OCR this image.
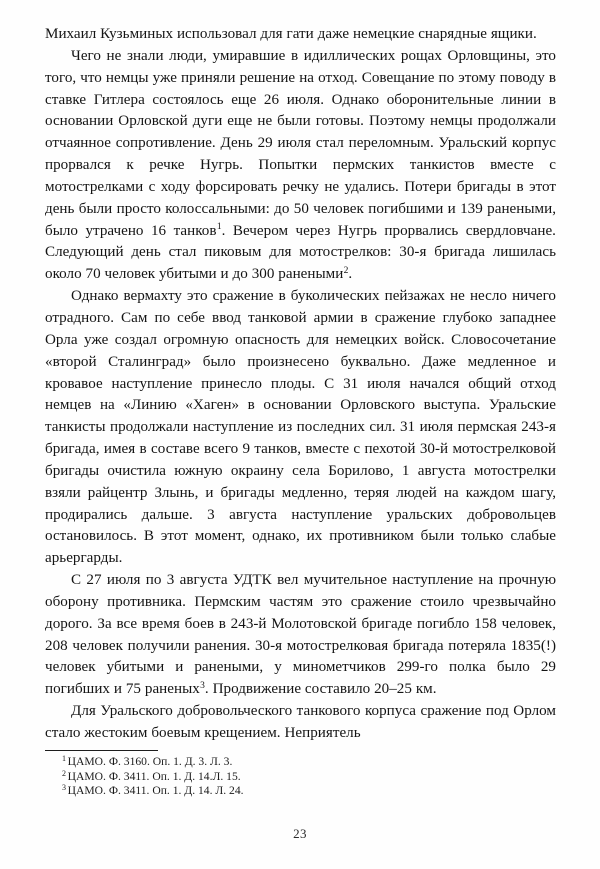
Михаил Кузьминых использовал для гати даже немецкие снарядные ящики.

Чего не знали люди, умиравшие в идиллических рощах Орловщины, это того, что немцы уже приняли решение на отход. Совещание по этому поводу в ставке Гитлера состоялось еще 26 июля. Однако оборонительные линии в основании Орловской дуги еще не были готовы. Поэтому немцы продолжали отчаянное сопротивление. День 29 июля стал переломным. Уральский корпус прорвался к речке Нугрь. Попытки пермских танкистов вместе с мотострелками с ходу форсировать речку не удались. Потери бригады в этот день были просто колоссальными: до 50 человек погибшими и 139 ранеными, было утрачено 16 танков$^1$. Вечером через Нугрь прорвались свердловчане. Следующий день стал пиковым для мотострелков: 30-я бригада лишилась около 70 человек убитыми и до 300 ранеными$^2$.

Однако вермахту это сражение в буколических пейзажах не несло ничего отрадного. Сам по себе ввод танковой армии в сражение глубоко западнее Орла уже создал огромную опасность для немецких войск. Словосочетание «второй Сталинград» было произнесено буквально. Даже медленное и кровавое наступление принесло плоды. С 31 июля начался общий отход немцев на «Линию «Хаген» в основании Орловского выступа. Уральские танкисты продолжали наступление из последних сил. 31 июля пермская 243-я бригада, имея в составе всего 9 танков, вместе с пехотой 30-й мотострелковой бригады очистила южную окраину села Борилово, 1 августа мотострелки взяли райцентр Злынь, и бригады медленно, теряя людей на каждом шагу, продирались дальше. 3 августа наступление уральских добровольцев остановилось. В этот момент, однако, их противником были только слабые арьергарды.

С 27 июля по 3 августа УДТК вел мучительное наступление на прочную оборону противника. Пермским частям это сражение стоило чрезвычайно дорого. За все время боев в 243-й Молотовской бригаде погибло 158 человек, 208 человек получили ранения. 30-я мотострелковая бригада потеряла 1835(!) человек убитыми и ранеными, у минометчиков 299-го полка было 29 погибших и 75 раненых$^3$. Продвижение составило 20–25 км.

Для Уральского добровольческого танкового корпуса сражение под Орлом стало жестоким боевым крещением. Неприятель

$^1$ ЦАМО. Ф. 3160. Оп. 1. Д. 3. Л. 3.
$^2$ ЦАМО. Ф. 3411. Оп. 1. Д. 14.Л. 15.
$^3$ ЦАМО. Ф. 3411. Оп. 1. Д. 14. Л. 24.
23
